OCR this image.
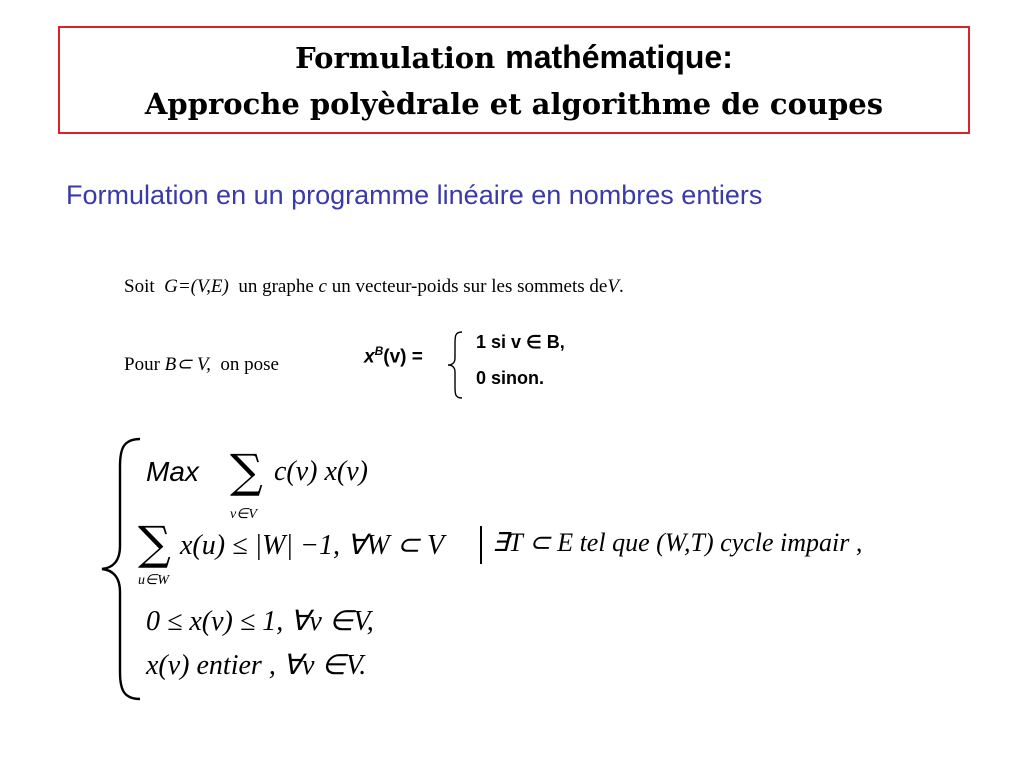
Formulation mathématique:
Approche polyèdrale et algorithme de coupes
Formulation en un programme linéaire en nombres entiers
Soit G=(V,E) un graphe c un vecteur-poids sur les sommets deV.
Pour B⊂ V, on pose	$x^B(v)$ =
1 si v ∈ B,
0 sinon.
Max ∑
v∈V
c(v) x(v)
∑
u∈W
x(u) ≤ |W| −1, ∀W ⊂ V ∃T ⊂ E tel que (W,T) cycle impair ,
0 ≤ x(v) ≤ 1, ∀v ∈V,
x(v) entier , ∀v ∈V.
